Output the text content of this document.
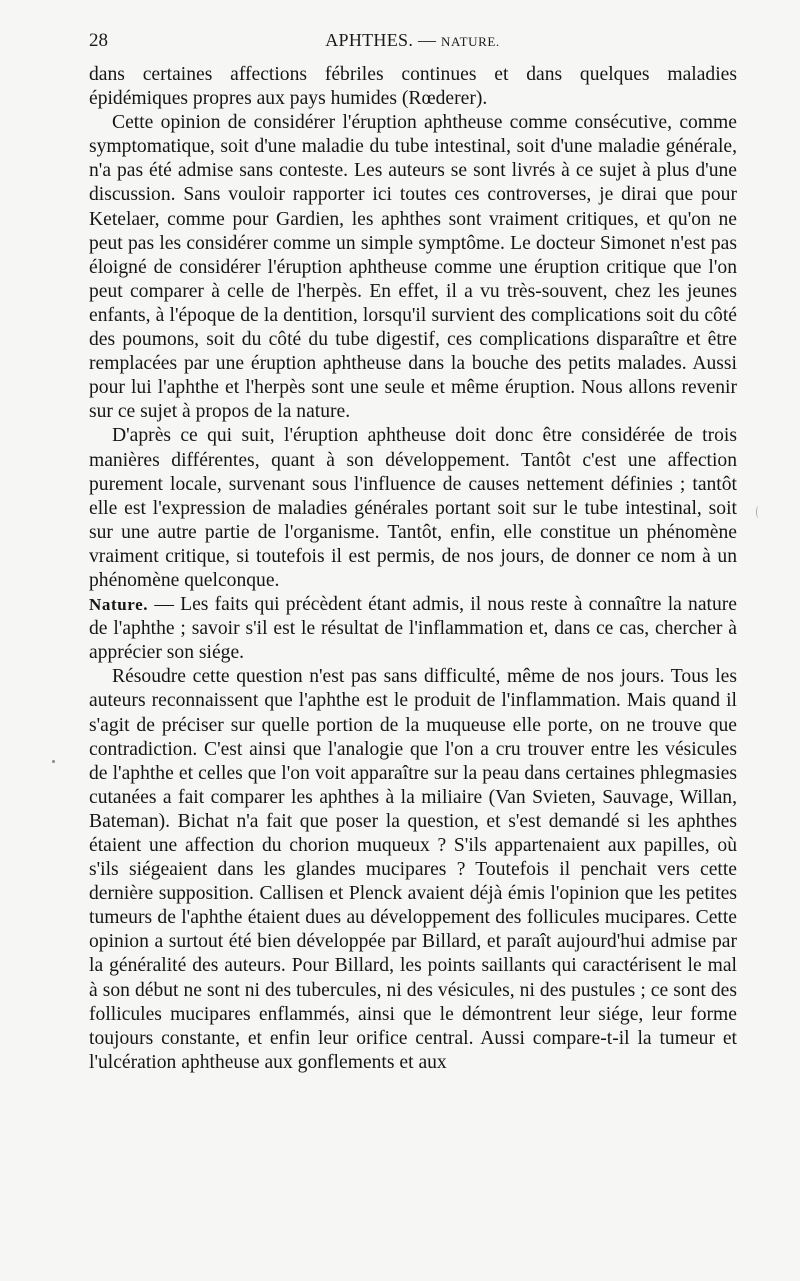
28	APHTHES. — NATURE.

dans certaines affections fébriles continues et dans quelques maladies épidémiques propres aux pays humides (Rœderer).

Cette opinion de considérer l'éruption aphtheuse comme consécutive, comme symptomatique, soit d'une maladie du tube intestinal, soit d'une maladie générale, n'a pas été admise sans conteste. Les auteurs se sont livrés à ce sujet à plus d'une discussion. Sans vouloir rapporter ici toutes ces controverses, je dirai que pour Ketelaer, comme pour Gardien, les aphthes sont vraiment critiques, et qu'on ne peut pas les considérer comme un simple symptôme. Le docteur Simonet n'est pas éloigné de considérer l'éruption aphtheuse comme une éruption critique que l'on peut comparer à celle de l'herpès. En effet, il a vu très-souvent, chez les jeunes enfants, à l'époque de la dentition, lorsqu'il survient des complications soit du côté des poumons, soit du côté du tube digestif, ces complications disparaître et être remplacées par une éruption aphtheuse dans la bouche des petits malades. Aussi pour lui l'aphthe et l'herpès sont une seule et même éruption. Nous allons revenir sur ce sujet à propos de la nature.

D'après ce qui suit, l'éruption aphtheuse doit donc être considérée de trois manières différentes, quant à son développement. Tantôt c'est une affection purement locale, survenant sous l'influence de causes nettement définies ; tantôt elle est l'expression de maladies générales portant soit sur le tube intestinal, soit sur une autre partie de l'organisme. Tantôt, enfin, elle constitue un phénomène vraiment critique, si toutefois il est permis, de nos jours, de donner ce nom à un phénomène quelconque.

Nature. — Les faits qui précèdent étant admis, il nous reste à connaître la nature de l'aphthe ; savoir s'il est le résultat de l'inflammation et, dans ce cas, chercher à apprécier son siége.

Résoudre cette question n'est pas sans difficulté, même de nos jours. Tous les auteurs reconnaissent que l'aphthe est le produit de l'inflammation. Mais quand il s'agit de préciser sur quelle portion de la muqueuse elle porte, on ne trouve que contradiction. C'est ainsi que l'analogie que l'on a cru trouver entre les vésicules de l'aphthe et celles que l'on voit apparaître sur la peau dans certaines phlegmasies cutanées a fait comparer les aphthes à la miliaire (Van Svieten, Sauvage, Willan, Bateman). Bichat n'a fait que poser la question, et s'est demandé si les aphthes étaient une affection du chorion muqueux ? S'ils appartenaient aux papilles, où s'ils siégeaient dans les glandes mucipares ? Toutefois il penchait vers cette dernière supposition. Callisen et Plenck avaient déjà émis l'opinion que les petites tumeurs de l'aphthe étaient dues au développement des follicules mucipares. Cette opinion a surtout été bien développée par Billard, et paraît aujourd'hui admise par la généralité des auteurs. Pour Billard, les points saillants qui caractérisent le mal à son début ne sont ni des tubercules, ni des vésicules, ni des pustules ; ce sont des follicules mucipares enflammés, ainsi que le démontrent leur siége, leur forme toujours constante, et enfin leur orifice central. Aussi compare-t-il la tumeur et l'ulcération aphtheuse aux gonflements et aux
